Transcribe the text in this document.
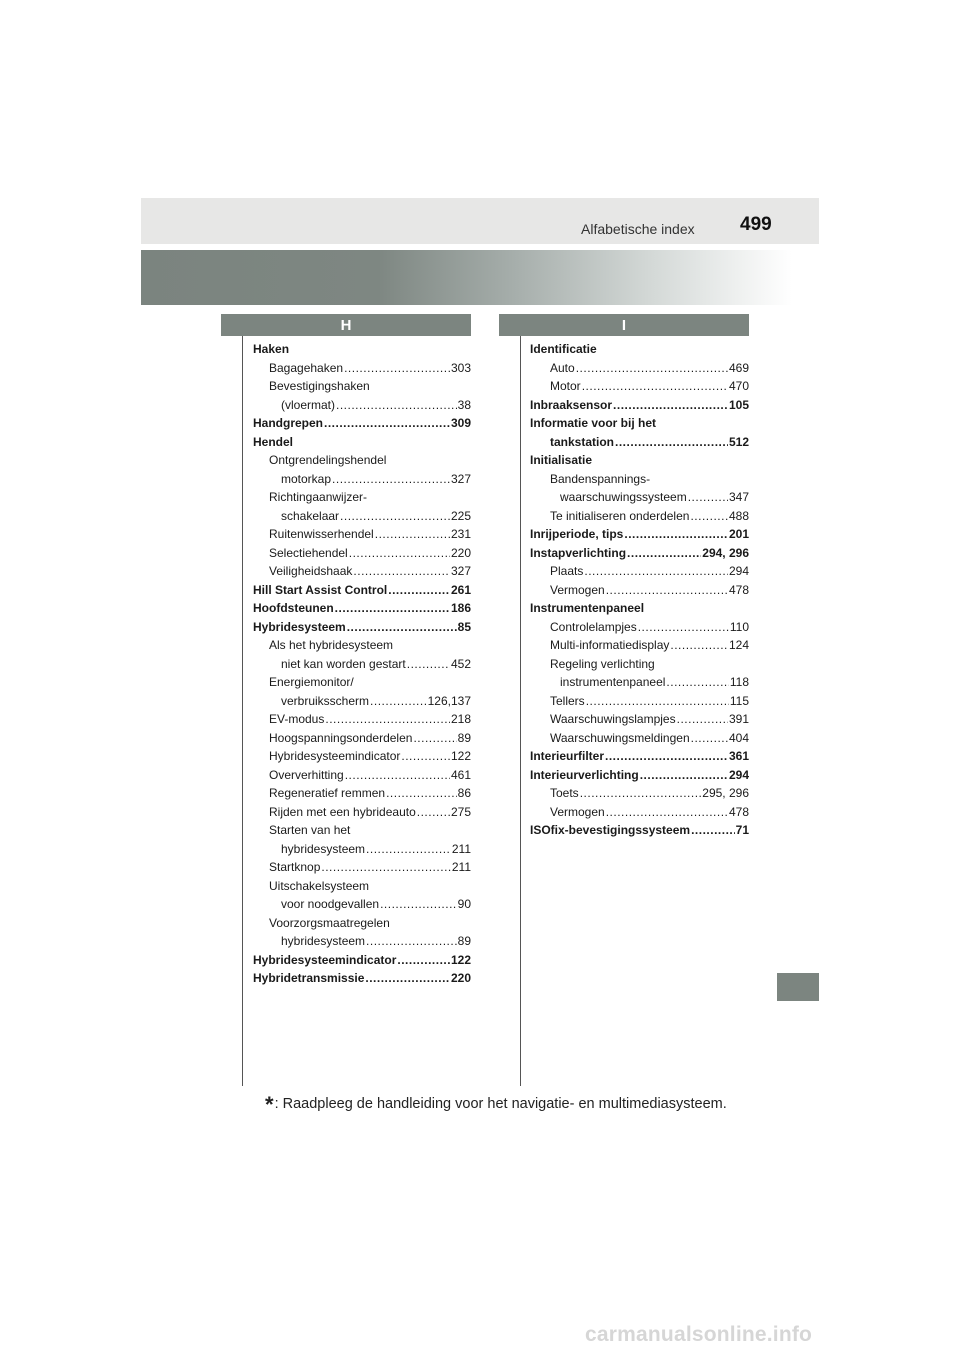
Alfabetische index 499
H	I
Haken
Bagagehaken .....	303
Bevestigingshaken
(vloermat) .....	38
Handgrepen .....	309
Hendel
Ontgrendelingshendel
motorkap .....	327
Richtingaanwijzer-
schakelaar .....	225
Ruitenwisserhendel .....	231
Selectiehendel .....	220
Veiligheidshaak .....	327
Hill Start Assist Control .....	261
Hoofdsteunen .....	186
Hybridesysteem .....	85
Als het hybridesysteem
niet kan worden gestart .....	452
Energiemonitor/
verbruiksscherm .....	126,137
EV-modus .....	218
Hoogspanningsonderdelen .....	89
Hybridesysteemindicator .....	122
Oververhitting .....	461
Regeneratief remmen .....	86
Rijden met een hybrideauto .....	275
Starten van het
hybridesysteem .....	211
Startknop .....	211
Uitschakelsysteem
voor noodgevallen .....	90
Voorzorgsmaatregelen
hybridesysteem .....	89
Hybridesysteemindicator .....	122
Hybridetransmissie .....	220
Identificatie
Auto .....	469
Motor .....	470
Inbraaksensor .....	105
Informatie voor bij het
tankstation .....	512
Initialisatie
Bandenspannings-
waarschuwingssysteem .....	347
Te initialiseren onderdelen .....	488
Inrijperiode, tips .....	201
Instapverlichting .....	294, 296
Plaats .....	294
Vermogen .....	478
Instrumentenpaneel
Controlelampjes .....	110
Multi-informatiedisplay .....	124
Regeling verlichting
instrumentenpaneel .....	118
Tellers .....	115
Waarschuwingslampjes .....	391
Waarschuwingsmeldingen .....	404
Interieurfilter .....	361
Interieurverlichting .....	294
Toets .....	295, 296
Vermogen .....	478
ISOfix-bevestigingssysteem .....	71
*: Raadpleeg de handleiding voor het navigatie- en multimediasysteem.
carmanualsonline.info
